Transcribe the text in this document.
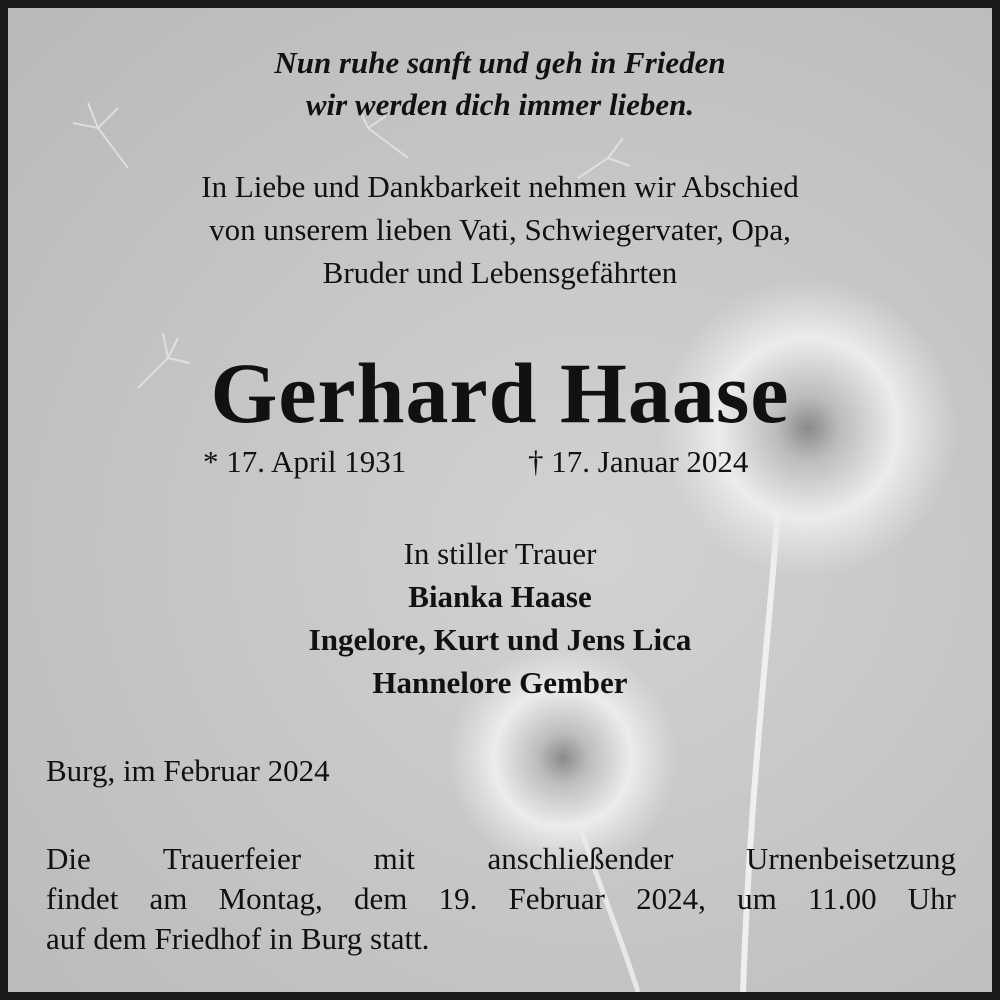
Nun ruhe sanft und geh in Frieden
wir werden dich immer lieben.
In Liebe und Dankbarkeit nehmen wir Abschied
von unserem lieben Vati, Schwiegervater, Opa,
Bruder und Lebensgefährten
Gerhard Haase
* 17. April 1931	† 17. Januar 2024
In stiller Trauer
Bianka Haase
Ingelore, Kurt und Jens Lica
Hannelore Gember
Burg, im Februar 2024
Die Trauerfeier mit anschließender Urnenbeisetzung
findet am Montag, dem 19. Februar 2024, um 11.00 Uhr
auf dem Friedhof in Burg statt.
